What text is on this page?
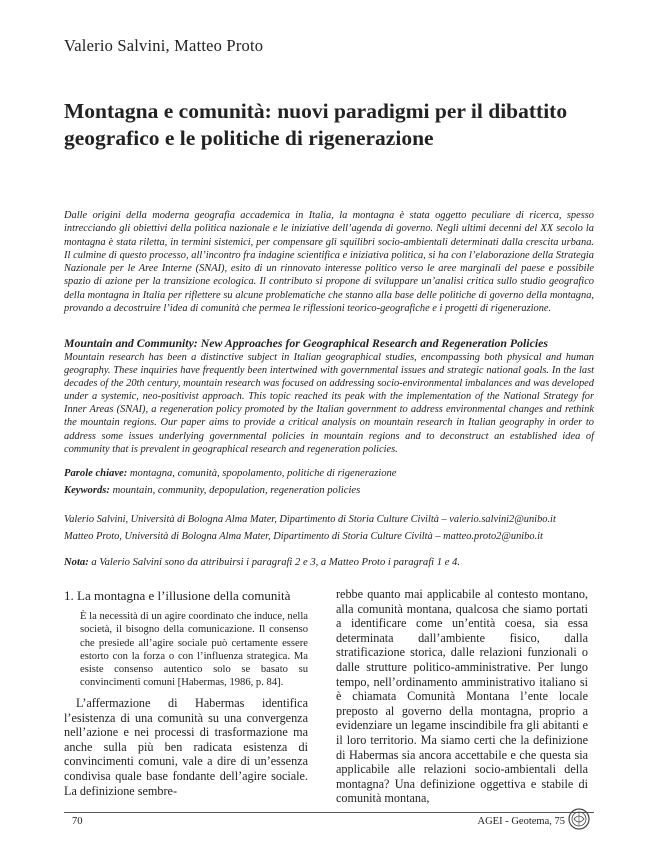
Valerio Salvini, Matteo Proto
Montagna e comunità: nuovi paradigmi per il dibattito geografico e le politiche di rigenerazione
Dalle origini della moderna geografia accademica in Italia, la montagna è stata oggetto peculiare di ricerca, spesso intrecciando gli obiettivi della politica nazionale e le iniziative dell’agenda di governo. Negli ultimi decenni del XX secolo la montagna è stata riletta, in termini sistemici, per compensare gli squilibri socio-ambientali determinati dalla crescita urbana. Il culmine di questo processo, all’incontro fra indagine scientifica e iniziativa politica, si ha con l’elaborazione della Strategia Nazionale per le Aree Interne (SNAI), esito di un rinnovato interesse politico verso le aree marginali del paese e possibile spazio di azione per la transizione ecologica. Il contributo si propone di sviluppare un’analisi critica sullo studio geografico della montagna in Italia per riflettere su alcune problematiche che stanno alla base delle politiche di governo della montagna, provando a decostruire l’idea di comunità che permea le riflessioni teorico-geografiche e i progetti di rigenerazione.
Mountain and Community: New Approaches for Geographical Research and Regeneration Policies
Mountain research has been a distinctive subject in Italian geographical studies, encompassing both physical and human geography. These inquiries have frequently been intertwined with governmental issues and strategic national goals. In the last decades of the 20th century, mountain research was focused on addressing socio-environmental imbalances and was developed under a systemic, neo-positivist approach. This topic reached its peak with the implementation of the National Strategy for Inner Areas (SNAI), a regeneration policy promoted by the Italian government to address environmental changes and rethink the mountain regions. Our paper aims to provide a critical analysis on mountain research in Italian geography in order to address some issues underlying governmental policies in mountain regions and to deconstruct an established idea of community that is prevalent in geographical research and regeneration policies.
Parole chiave: montagna, comunità, spopolamento, politiche di rigenerazione
Keywords: mountain, community, depopulation, regeneration policies
Valerio Salvini, Università di Bologna Alma Mater, Dipartimento di Storia Culture Civiltà – valerio.salvini2@unibo.it
Matteo Proto, Università di Bologna Alma Mater, Dipartimento di Storia Culture Civiltà – matteo.proto2@unibo.it
Nota: a Valerio Salvini sono da attribuirsi i paragrafi 2 e 3, a Matteo Proto i paragrafi 1 e 4.
1. La montagna e l’illusione della comunità
È la necessità di un agire coordinato che induce, nella società, il bisogno della comunicazione. Il consenso che presiede all’agire sociale può certamente essere estorto con la forza o con l’influenza strategica. Ma esiste consenso autentico solo se basato su convincimenti comuni [Habermas, 1986, p. 84].
L’affermazione di Habermas identifica l’esistenza di una comunità su una convergenza nell’azione e nei processi di trasformazione ma anche sulla più ben radicata esistenza di convincimenti comuni, vale a dire di un’essenza condivisa quale base fondante dell’agire sociale. La definizione sembre-
rebbe quanto mai applicabile al contesto montano, alla comunità montana, qualcosa che siamo portati a identificare come un’entità coesa, sia essa determinata dall’ambiente fisico, dalla stratificazione storica, dalle relazioni funzionali o dalle strutture politico-amministrative. Per lungo tempo, nell’ordinamento amministrativo italiano si è chiamata Comunità Montana l’ente locale preposto al governo della montagna, proprio a evidenziare un legame inscindibile fra gli abitanti e il loro territorio. Ma siamo certi che la definizione di Habermas sia ancora accettabile e che questa sia applicabile alle relazioni socio-ambientali della montagna? Una definizione oggettiva e stabile di comunità montana,
70	AGEI - Geotema, 75
